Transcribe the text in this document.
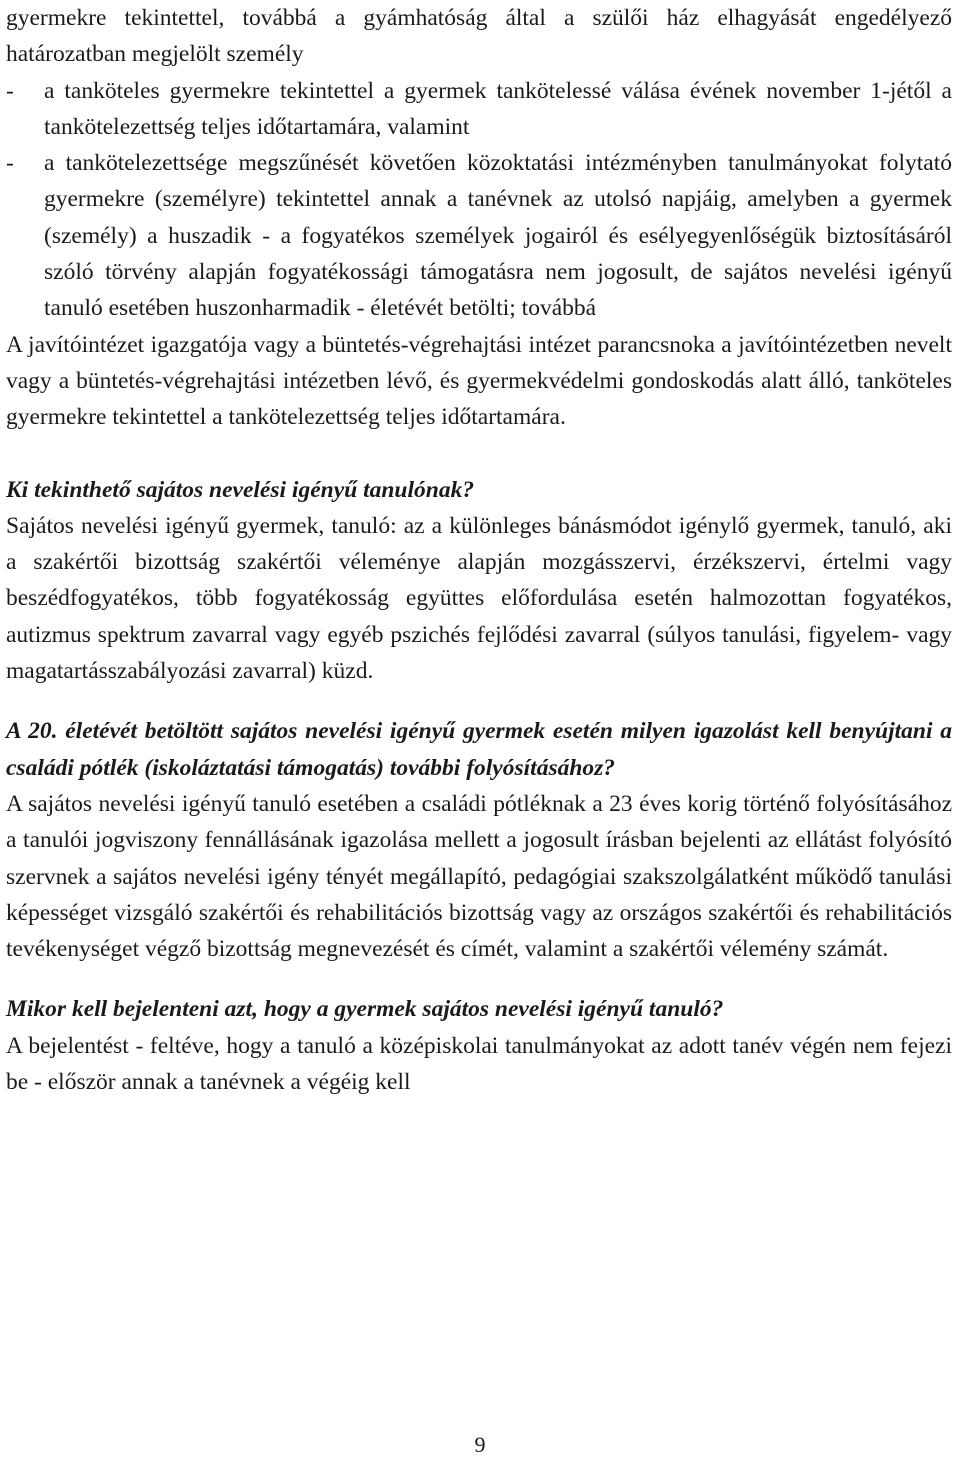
gyermekre tekintettel, továbbá a gyámhatóság által a szülői ház elhagyását engedélyező határozatban megjelölt személy

-	a tanköteles gyermekre tekintettel a gyermek tankötelessé válása évének november 1-jétől a tankötelezettség teljes időtartamára, valamint
-	a tankötelezettsége megszűnését követően közoktatási intézményben tanulmányokat folytató gyermekre (személyre) tekintettel annak a tanévnek az utolsó napjáig, amelyben a gyermek (személy) a huszadik - a fogyatékos személyek jogairól és esélyegyenlőségük biztosításáról szóló törvény alapján fogyatékossági támogatásra nem jogosult, de sajátos nevelési igényű tanuló esetében huszonharmadik - életévét betölti; továbbá

A javítóintézet igazgatója vagy a büntetés-végrehajtási intézet parancsnoka a javítóintézetben nevelt vagy a büntetés-végrehajtási intézetben lévő, és gyermekvédelmi gondoskodás alatt álló, tanköteles gyermekre tekintettel a tankötelezettség teljes időtartamára.

Ki tekinthető sajátos nevelési igényű tanulónak?

Sajátos nevelési igényű gyermek, tanuló: az a különleges bánásmódot igénylő gyermek, tanuló, aki a szakértői bizottság szakértői véleménye alapján mozgásszervi, érzékszervi, értelmi vagy beszédfogyatékos, több fogyatékosság együttes előfordulása esetén halmozottan fogyatékos, autizmus spektrum zavarral vagy egyéb pszichés fejlődési zavarral (súlyos tanulási, figyelem- vagy magatartásszabályozási zavarral) küzd.

A 20. életévét betöltött sajátos nevelési igényű gyermek esetén milyen igazolást kell benyújtani a családi pótlék (iskoláztatási támogatás) további folyósításához?

A sajátos nevelési igényű tanuló esetében a családi pótléknak a 23 éves korig történő folyósításához a tanulói jogviszony fennállásának igazolása mellett a jogosult írásban bejelenti az ellátást folyósító szervnek a sajátos nevelési igény tényét megállapító, pedagógiai szakszolgálatként működő tanulási képességet vizsgáló szakértői és rehabilitációs bizottság vagy az országos szakértői és rehabilitációs tevékenységet végző bizottság megnevezését és címét, valamint a szakértői vélemény számát.

Mikor kell bejelenteni azt, hogy a gyermek sajátos nevelési igényű tanuló?

A bejelentést - feltéve, hogy a tanuló a középiskolai tanulmányokat az adott tanév végén nem fejezi be - először annak a tanévnek a végéig kell

9
